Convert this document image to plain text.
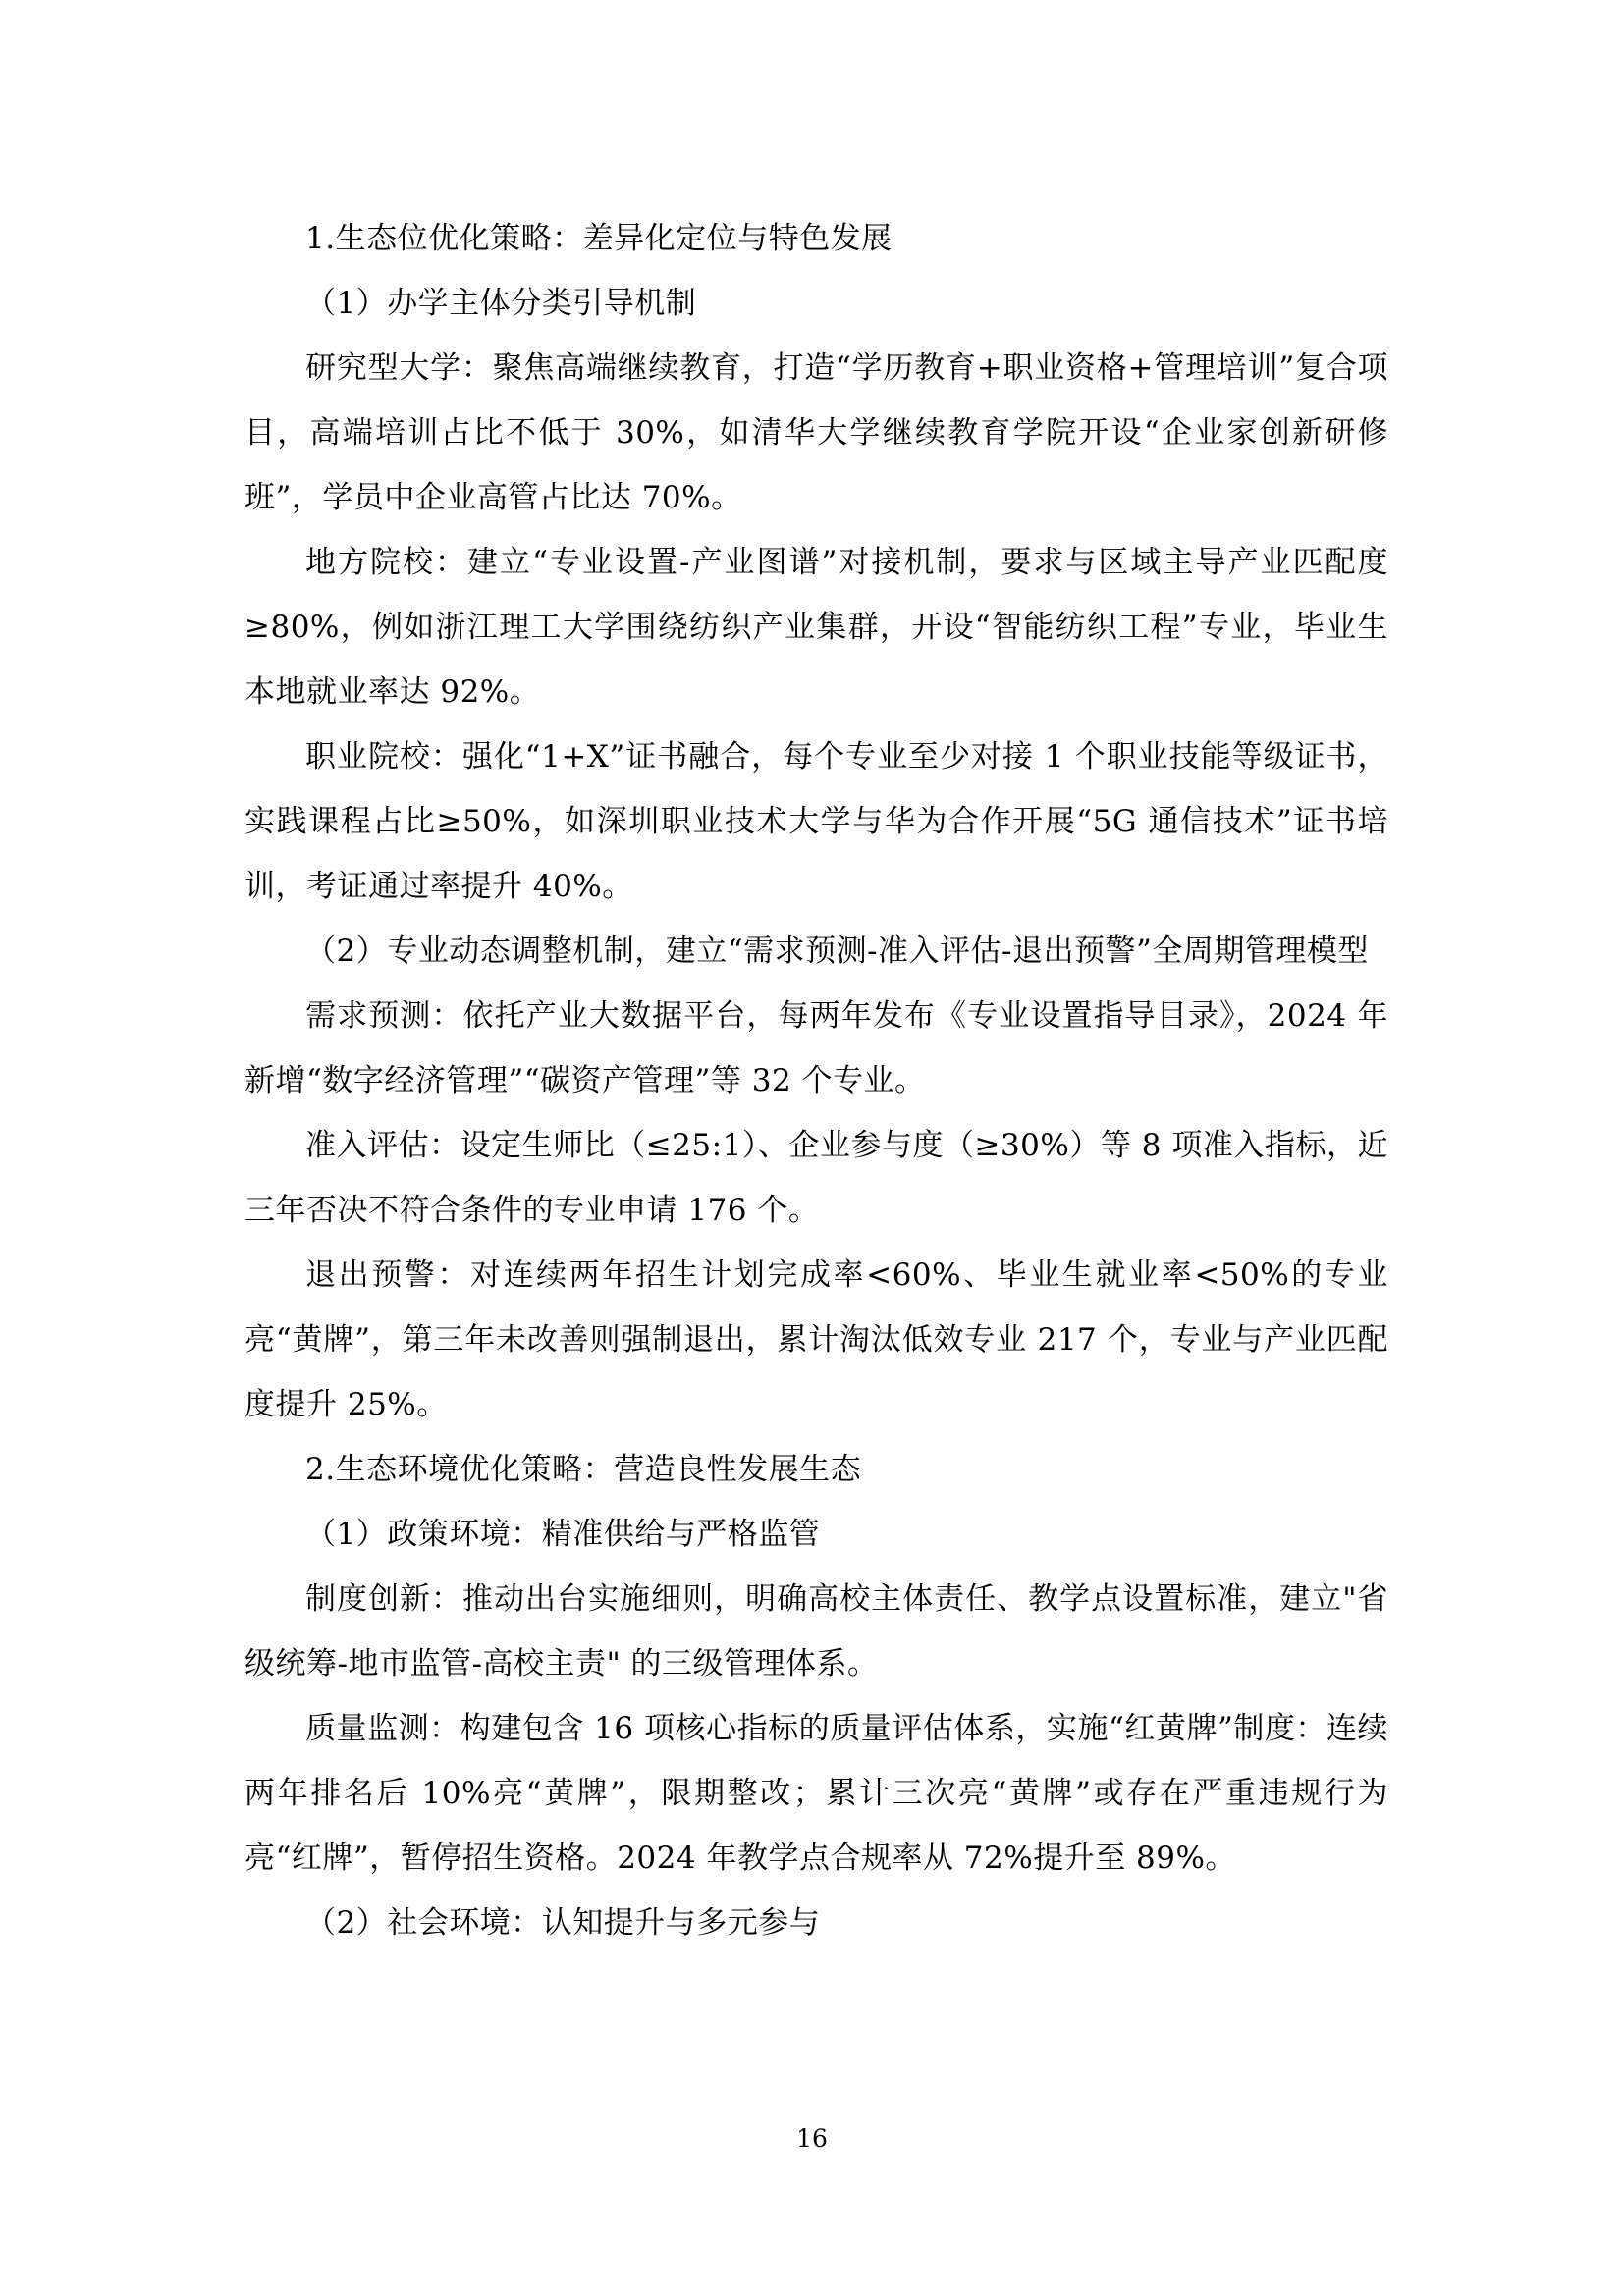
1.生态位优化策略：差异化定位与特色发展

（1）办学主体分类引导机制

研究型大学：聚焦高端继续教育，打造“学历教育+职业资格+管理培训”复合项目，高端培训占比不低于 30%，如清华大学继续教育学院开设“企业家创新研修班”，学员中企业高管占比达 70%。

地方院校：建立“专业设置-产业图谱”对接机制，要求与区域主导产业匹配度≥80%，例如浙江理工大学围绕纺织产业集群，开设“智能纺织工程”专业，毕业生本地就业率达 92%。

职业院校：强化“1+X”证书融合，每个专业至少对接 1 个职业技能等级证书，实践课程占比≥50%，如深圳职业技术大学与华为合作开展“5G 通信技术”证书培训，考证通过率提升 40%。

（2）专业动态调整机制，建立“需求预测-准入评估-退出预警”全周期管理模型

需求预测：依托产业大数据平台，每两年发布《专业设置指导目录》，2024 年新增“数字经济管理”“碳资产管理”等 32 个专业。

准入评估：设定生师比（≤25:1）、企业参与度（≥30%）等 8 项准入指标，近三年否决不符合条件的专业申请 176 个。

退出预警：对连续两年招生计划完成率<60%、毕业生就业率<50%的专业亮“黄牌”，第三年未改善则强制退出，累计淘汰低效专业 217 个，专业与产业匹配度提升 25%。

2.生态环境优化策略：营造良性发展生态

（1）政策环境：精准供给与严格监管

制度创新：推动出台实施细则，明确高校主体责任、教学点设置标准，建立"省级统筹-地市监管-高校主责" 的三级管理体系。

质量监测：构建包含 16 项核心指标的质量评估体系，实施“红黄牌”制度：连续两年排名后 10%亮“黄牌”，限期整改；累计三次亮“黄牌”或存在严重违规行为亮“红牌”，暂停招生资格。2024 年教学点合规率从 72%提升至 89%。

（2）社会环境：认知提升与多元参与

16
